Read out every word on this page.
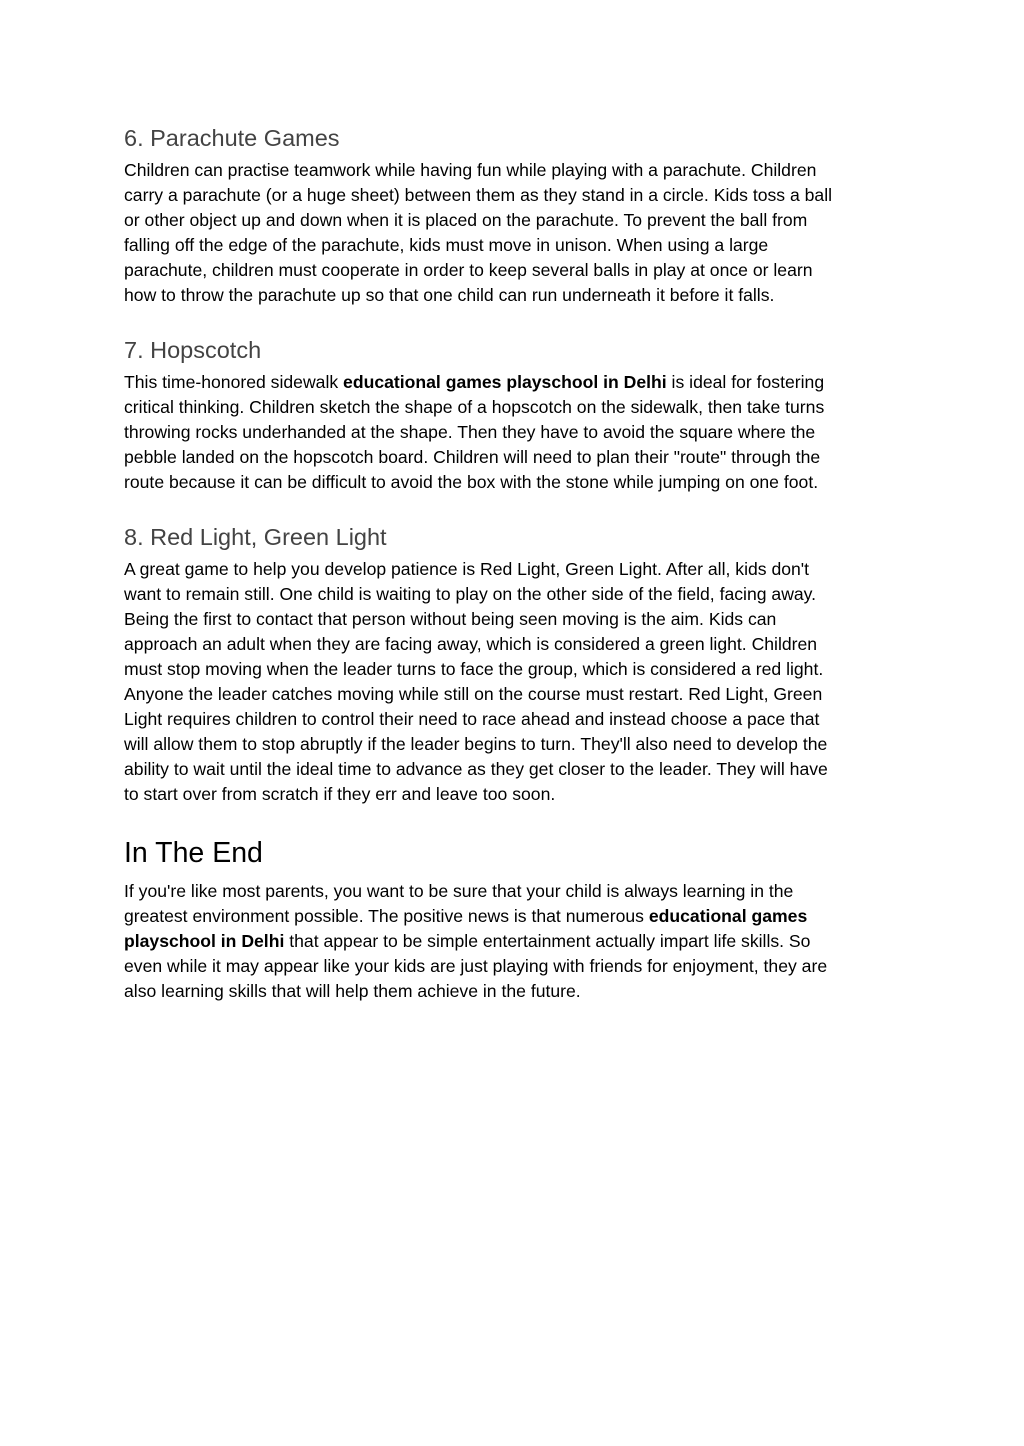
6. Parachute Games

Children can practise teamwork while having fun while playing with a parachute. Children
carry a parachute (or a huge sheet) between them as they stand in a circle. Kids toss a ball
or other object up and down when it is placed on the parachute. To prevent the ball from
falling off the edge of the parachute, kids must move in unison. When using a large
parachute, children must cooperate in order to keep several balls in play at once or learn
how to throw the parachute up so that one child can run underneath it before it falls.

7. Hopscotch

This time-honored sidewalk educational games playschool in Delhi is ideal for fostering
critical thinking. Children sketch the shape of a hopscotch on the sidewalk, then take turns
throwing rocks underhanded at the shape. Then they have to avoid the square where the
pebble landed on the hopscotch board. Children will need to plan their "route" through the
route because it can be difficult to avoid the box with the stone while jumping on one foot.

8. Red Light, Green Light

A great game to help you develop patience is Red Light, Green Light. After all, kids don't
want to remain still. One child is waiting to play on the other side of the field, facing away.
Being the first to contact that person without being seen moving is the aim. Kids can
approach an adult when they are facing away, which is considered a green light. Children
must stop moving when the leader turns to face the group, which is considered a red light.
Anyone the leader catches moving while still on the course must restart. Red Light, Green
Light requires children to control their need to race ahead and instead choose a pace that
will allow them to stop abruptly if the leader begins to turn. They'll also need to develop the
ability to wait until the ideal time to advance as they get closer to the leader. They will have
to start over from scratch if they err and leave too soon.

In The End

If you're like most parents, you want to be sure that your child is always learning in the
greatest environment possible. The positive news is that numerous educational games
playschool in Delhi that appear to be simple entertainment actually impart life skills. So
even while it may appear like your kids are just playing with friends for enjoyment, they are
also learning skills that will help them achieve in the future.
